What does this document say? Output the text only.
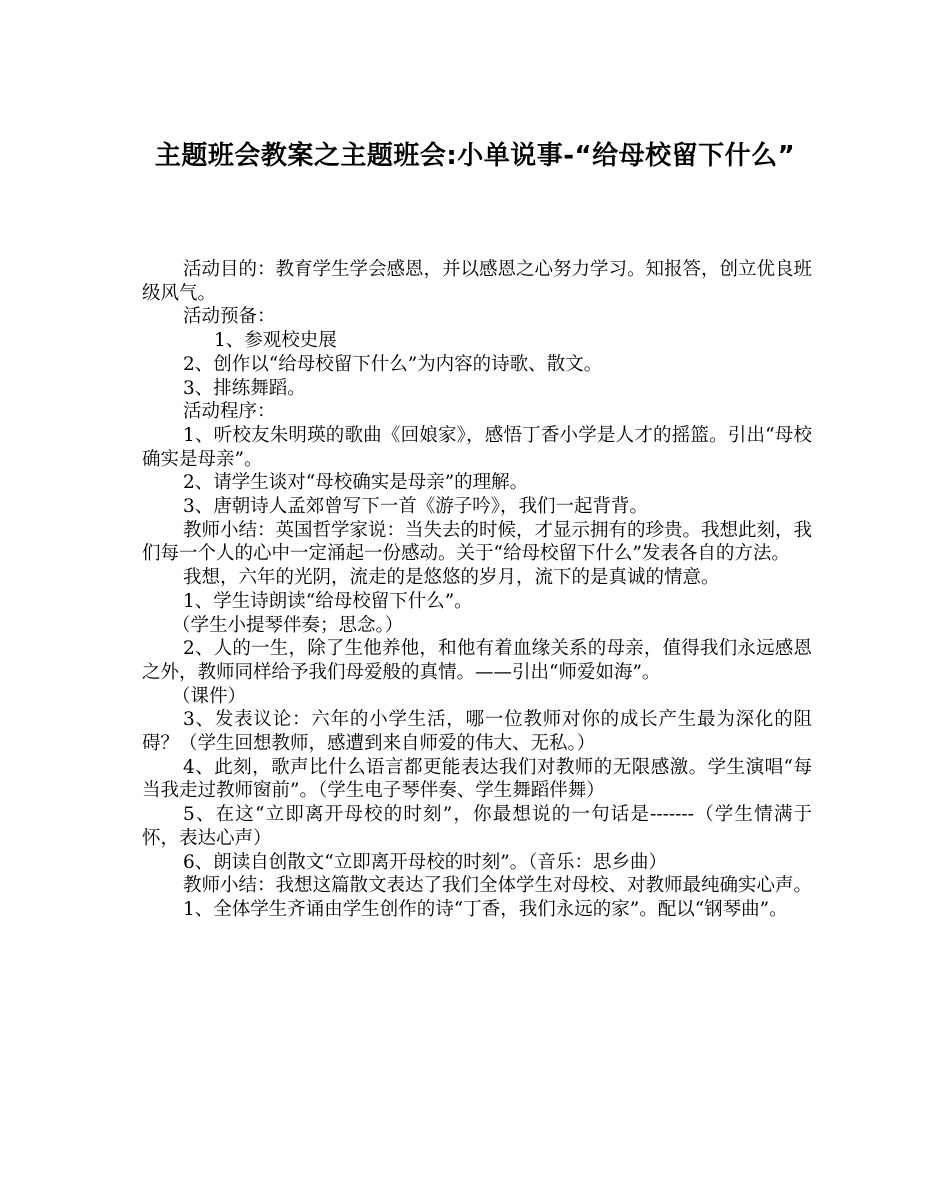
主题班会教案之主题班会:小单说事-“给母校留下什么”

活动目的：教育学生学会感恩，并以感恩之心努力学习。知报答，创立优良班级风气。

活动预备：

1、参观校史展

2、创作以“给母校留下什么”为内容的诗歌、散文。

3、排练舞蹈。

活动程序：

1、听校友朱明瑛的歌曲《回娘家》，感悟丁香小学是人才的摇篮。引出“母校确实是母亲”。

2、请学生谈对“母校确实是母亲”的理解。

3、唐朝诗人孟郊曾写下一首《游子吟》，我们一起背背。

教师小结：英国哲学家说：当失去的时候，才显示拥有的珍贵。我想此刻，我们每一个人的心中一定涌起一份感动。关于“给母校留下什么”发表各自的方法。

我想，六年的光阴，流走的是悠悠的岁月，流下的是真诚的情意。

1、学生诗朗读“给母校留下什么”。

（学生小提琴伴奏；思念。）

2、人的一生，除了生他养他，和他有着血缘关系的母亲，值得我们永远感恩之外，教师同样给予我们母爱般的真情。——引出“师爱如海”。

（课件）

3、发表议论：六年的小学生活，哪一位教师对你的成长产生最为深化的阻碍？（学生回想教师，感遭到来自师爱的伟大、无私。）

4、此刻，歌声比什么语言都更能表达我们对教师的无限感激。学生演唱“每当我走过教师窗前”。（学生电子琴伴奏、学生舞蹈伴舞）

5、在这“立即离开母校的时刻”，你最想说的一句话是-------（学生情满于怀，表达心声）

6、朗读自创散文“立即离开母校的时刻”。（音乐：思乡曲）

教师小结：我想这篇散文表达了我们全体学生对母校、对教师最纯确实心声。

1、全体学生齐诵由学生创作的诗“丁香，我们永远的家”。配以“钢琴曲”。
